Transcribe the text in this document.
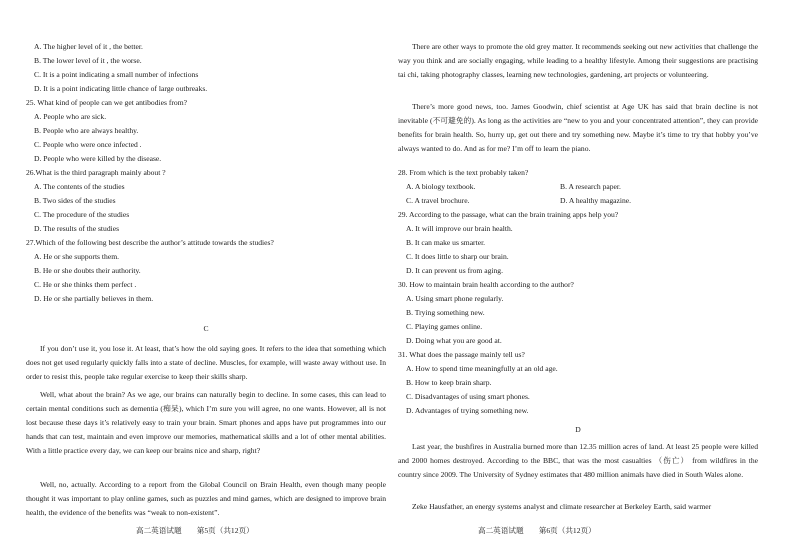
A. The higher level of it , the better.
B. The lower level of it , the worse.
C. It is a point indicating a small number of infections
D. It is a point indicating little chance of large outbreaks.
25. What kind of people can we get antibodies from?
A. People who are sick.
B. People who are always healthy.
C. People who were once infected .
D. People who were killed by the disease.
26.What is the third paragraph mainly about ?
A. The contents of the studies
B. Two sides of the studies
C. The procedure of the studies
D. The results of the studies
27.Which of the following best describe the author’s attitude towards the studies?
A. He or she supports them.
B. He or she doubts their authority.
C. He or she thinks them perfect .
D. He or she partially believes in them.
C
If you don’t use it, you lose it. At least, that’s how the old saying goes. It refers to the idea that something which does not get used regularly quickly falls into a state of decline. Muscles, for example, will waste away without use. In order to resist this, people take regular exercise to keep their skills sharp.
Well, what about the brain? As we age, our brains can naturally begin to decline. In some cases, this can lead to certain mental conditions such as dementia (痴呆), which I’m sure you will agree, no one wants. However, all is not lost because these days it’s relatively easy to train your brain. Smart phones and apps have put programmes into our hands that can test, maintain and even improve our memories, mathematical skills and a lot of other mental abilities. With a little practice every day, we can keep our brains nice and sharp, right?
Well, no, actually. According to a report from the Global Council on Brain Health, even though many people thought it was important to play online games, such as puzzles and mind games, which are designed to improve brain health, the evidence of the benefits was “weak to non-existent”.
高二英语试题　　第5页（共12页）
There are other ways to promote the old grey matter. It recommends seeking out new activities that challenge the way you think and are socially engaging, while leading to a healthy lifestyle. Among their suggestions are practising tai chi, taking photography classes, learning new technologies, gardening, art projects or volunteering.
There’s more good news, too. James Goodwin, chief scientist at Age UK has said that brain decline is not inevitable (不可避免的). As long as the activities are “new to you and your concentrated attention”, they can provide benefits for brain health. So, hurry up, get out there and try something new. Maybe it’s time to try that hobby you’ve always wanted to do. And as for me? I’m off to learn the piano.
28. From which is the text probably taken?
A. A biology textbook.	B. A research paper.
C. A travel brochure.	D. A healthy magazine.
29. According to the passage, what can the brain training apps help you?
A. It will improve our brain health.
B. It can make us smarter.
C. It does little to sharp our brain.
D. It can prevent us from aging.
30. How to maintain brain health according to the author?
A. Using smart phone regularly.
B. Trying something new.
C. Playing games online.
D. Doing what you are good at.
31. What does the passage mainly tell us?
A. How to spend time meaningfully at an old age.
B. How to keep brain sharp.
C. Disadvantages of using smart phones.
D. Advantages of trying something new.
D
Last year, the bushfires in Australia burned more than 12.35 million acres of land. At least 25 people were killed and 2000 homes destroyed. According to the BBC, that was the most casualties （伤亡） from wildfires in the country since 2009. The University of Sydney estimates that 480 million animals have died in South Wales alone.
Zeke Hausfather, an energy systems analyst and climate researcher at Berkeley Earth, said warmer
高二英语试题　　第6页（共12页）
